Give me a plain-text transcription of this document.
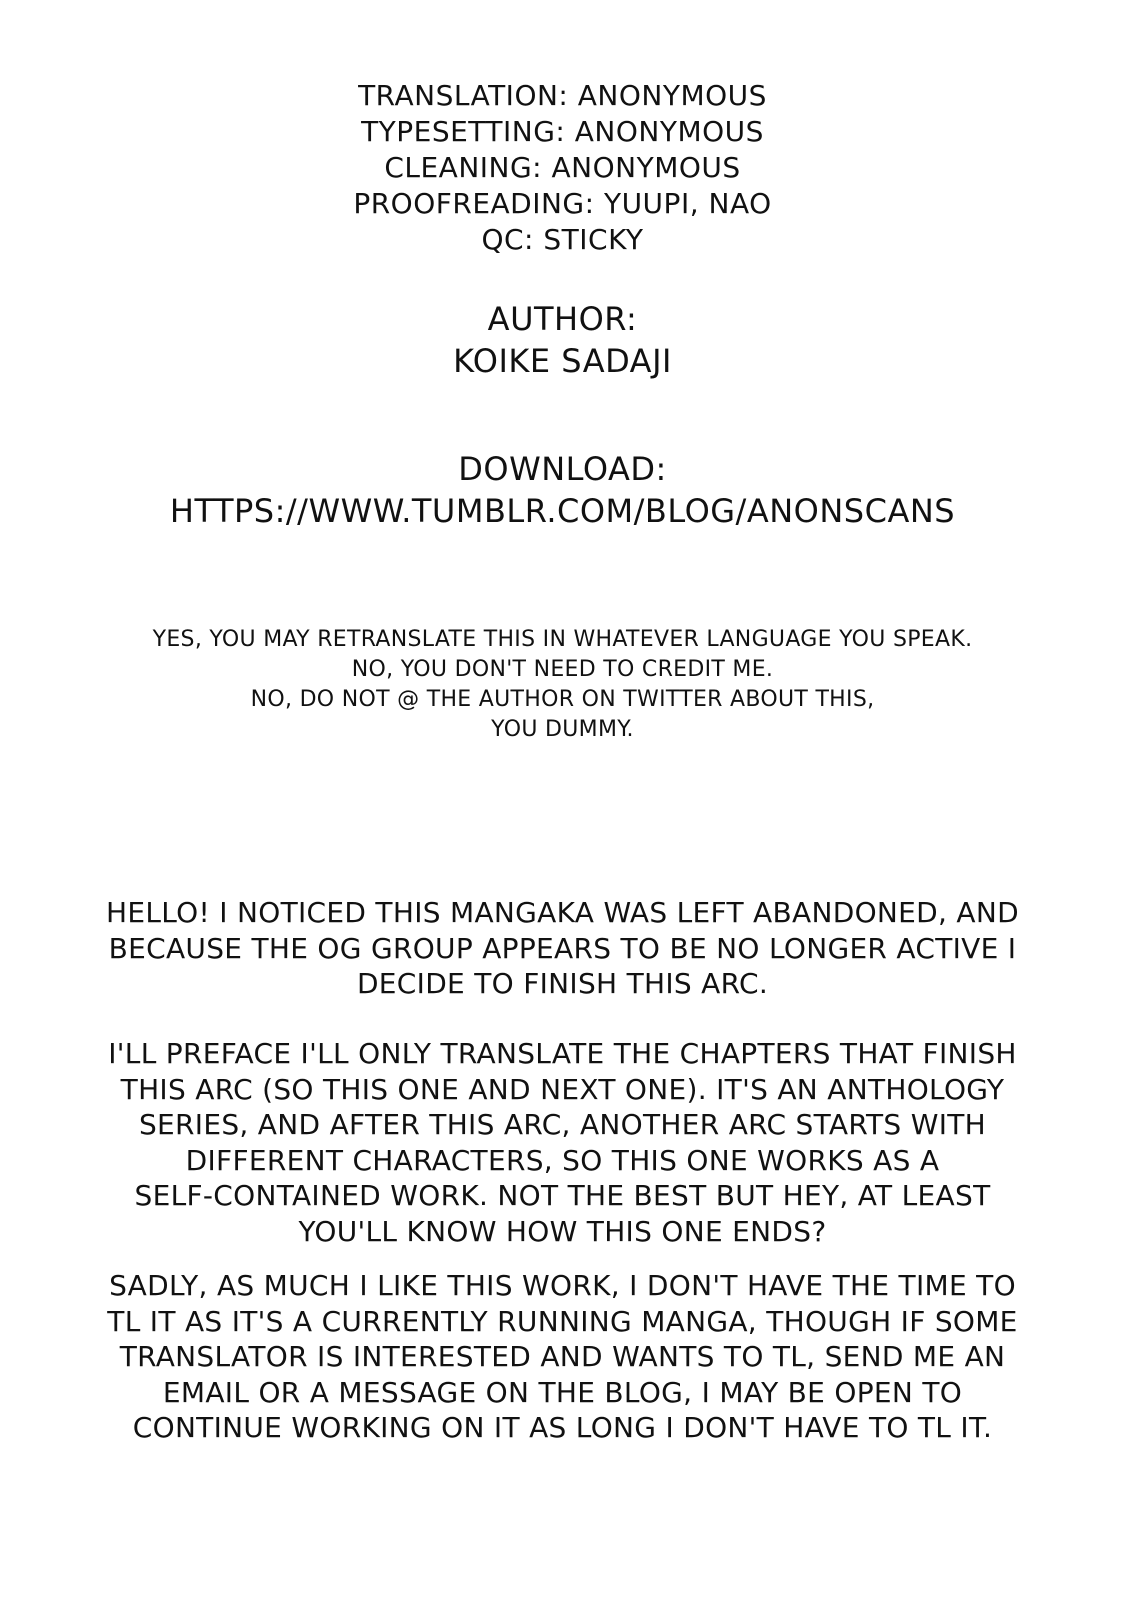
TRANSLATION: ANONYMOUS
TYPESETTING: ANONYMOUS
CLEANING: ANONYMOUS
PROOFREADING: YUUPI, NAO
QC: STICKY
AUTHOR:
KOIKE SADAJI
DOWNLOAD:
HTTPS://WWW.TUMBLR.COM/BLOG/ANONSCANS
YES, YOU MAY RETRANSLATE THIS IN WHATEVER LANGUAGE YOU SPEAK.
NO, YOU DON'T NEED TO CREDIT ME.
NO, DO NOT @ THE AUTHOR ON TWITTER ABOUT THIS,
YOU DUMMY.
HELLO! I NOTICED THIS MANGAKA WAS LEFT ABANDONED, AND
BECAUSE THE OG GROUP APPEARS TO BE NO LONGER ACTIVE I
DECIDE TO FINISH THIS ARC.
I'LL PREFACE I'LL ONLY TRANSLATE THE CHAPTERS THAT FINISH
THIS ARC (SO THIS ONE AND NEXT ONE). IT'S AN ANTHOLOGY
SERIES, AND AFTER THIS ARC, ANOTHER ARC STARTS WITH
DIFFERENT CHARACTERS, SO THIS ONE WORKS AS A
SELF-CONTAINED WORK. NOT THE BEST BUT HEY, AT LEAST
YOU'LL KNOW HOW THIS ONE ENDS?
SADLY, AS MUCH I LIKE THIS WORK, I DON'T HAVE THE TIME TO
TL IT AS IT'S A CURRENTLY RUNNING MANGA, THOUGH IF SOME
TRANSLATOR IS INTERESTED AND WANTS TO TL, SEND ME AN
EMAIL OR A MESSAGE ON THE BLOG, I MAY BE OPEN TO
CONTINUE WORKING ON IT AS LONG I DON'T HAVE TO TL IT.
